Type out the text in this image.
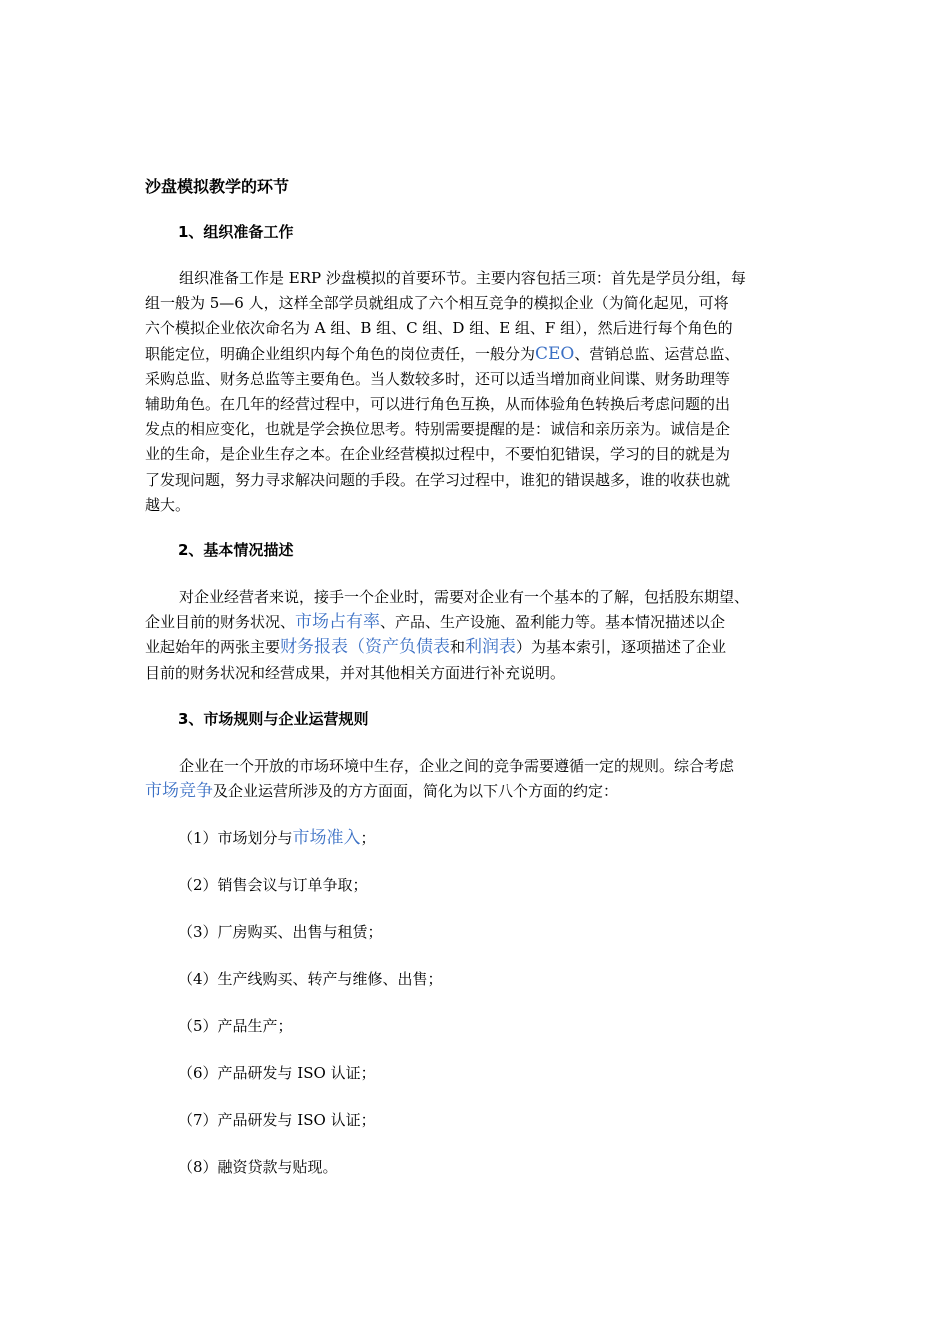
沙盘模拟教学的环节
1、组织准备工作
组织准备工作是 ERP 沙盘模拟的首要环节。主要内容包括三项：首先是学员分组，每
组一般为 5—6 人，这样全部学员就组成了六个相互竞争的模拟企业（为简化起见，可将
六个模拟企业依次命名为 A 组、B 组、C 组、D 组、E 组、F 组），然后进行每个角色的
职能定位，明确企业组织内每个角色的岗位责任，一般分为CEO、营销总监、运营总监、
采购总监、财务总监等主要角色。当人数较多时，还可以适当增加商业间谍、财务助理等
辅助角色。在几年的经营过程中，可以进行角色互换，从而体验角色转换后考虑问题的出
发点的相应变化，也就是学会换位思考。特别需要提醒的是：诚信和亲历亲为。诚信是企
业的生命，是企业生存之本。在企业经营模拟过程中，不要怕犯错误，学习的目的就是为
了发现问题，努力寻求解决问题的手段。在学习过程中，谁犯的错误越多，谁的收获也就
越大。
2、基本情况描述
对企业经营者来说，接手一个企业时，需要对企业有一个基本的了解，包括股东期望、
企业目前的财务状况、市场占有率、产品、生产设施、盈利能力等。基本情况描述以企
业起始年的两张主要财务报表（资产负债表和利润表）为基本索引，逐项描述了企业
目前的财务状况和经营成果，并对其他相关方面进行补充说明。
3、市场规则与企业运营规则
企业在一个开放的市场环境中生存，企业之间的竞争需要遵循一定的规则。综合考虑
市场竞争及企业运营所涉及的方方面面，简化为以下八个方面的约定：

（1）市场划分与市场准入；

（2）销售会议与订单争取；

（3）厂房购买、出售与租赁；

（4）生产线购买、转产与维修、出售；

（5）产品生产；

（6）产品研发与 ISO 认证；

（7）产品研发与 ISO 认证；

（8）融资贷款与贴现。
